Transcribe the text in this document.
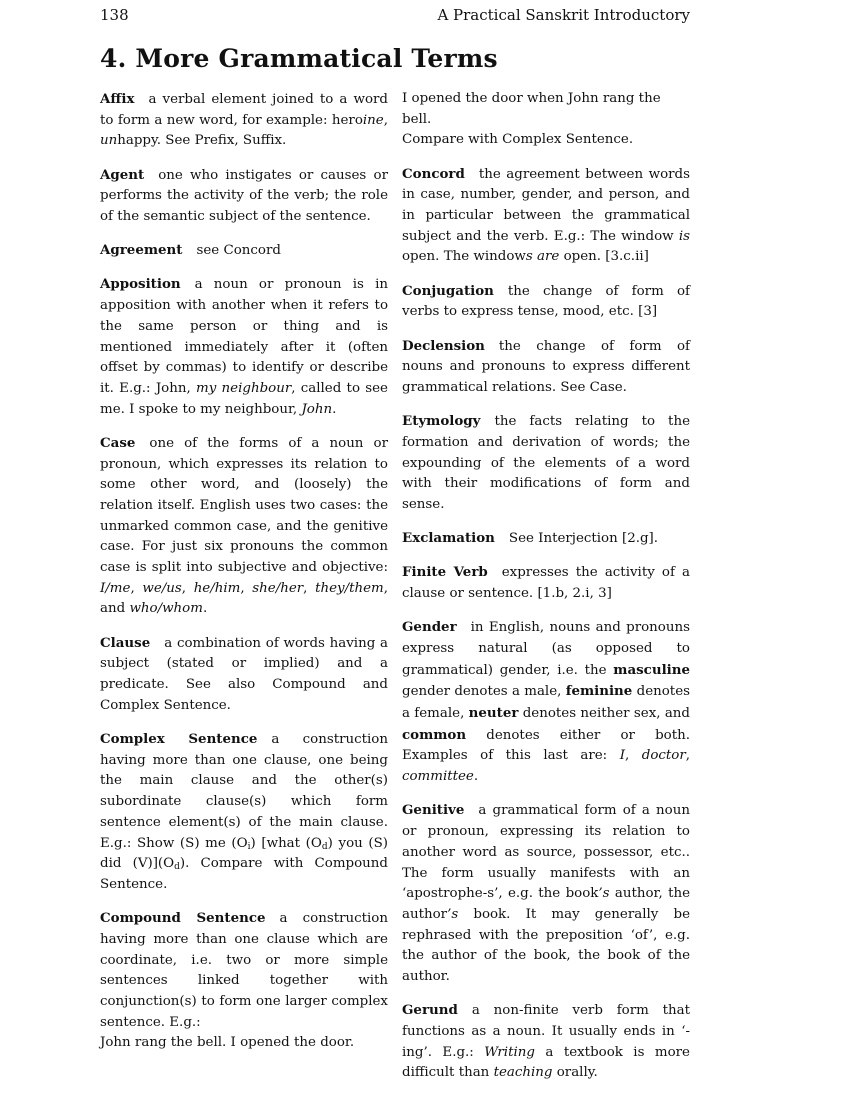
138	A Practical Sanskrit Introductory
4. More Grammatical Terms

Affix a verbal element joined to a word to form a new word, for example: heroine, unhappy. See Prefix, Suffix.

Agent one who instigates or causes or performs the activity of the verb; the role of the semantic subject of the sentence.

Agreement see Concord

Apposition a noun or pronoun is in apposition with another when it refers to the same person or thing and is mentioned immediately after it (often offset by commas) to identify or describe it. E.g.: John, my neighbour, called to see me. I spoke to my neighbour, John.

Case one of the forms of a noun or pronoun, which expresses its relation to some other word, and (loosely) the relation itself. English uses two cases: the unmarked common case, and the genitive case. For just six pronouns the common case is split into subjective and objective: I/me, we/us, he/him, she/her, they/them, and who/whom.

Clause a combination of words having a subject (stated or implied) and a predicate. See also Compound and Complex Sentence.

Complex Sentence a construction having more than one clause, one being the main clause and the other(s) subordinate clause(s) which form sentence element(s) of the main clause. E.g.: Show (S) me $(O_i)$ [what $(O_d)$ you (S) did $(V)](O_d)$. Compare with Compound Sentence.

Compound Sentence a construction having more than one clause which are coordinate, i.e. two or more simple sentences linked together with conjunction(s) to form one larger complex sentence. E.g.:

John rang the bell. I opened the door.

I opened the door when John rang the bell.

Compare with Complex Sentence.

Concord the agreement between words in case, number, gender, and person, and in particular between the grammatical subject and the verb. E.g.: The window is open. The windows are open. [3.c.ii]

Conjugation the change of form of verbs to express tense, mood, etc. [3]

Declension the change of form of nouns and pronouns to express different grammatical relations. See Case.

Etymology the facts relating to the formation and derivation of words; the expounding of the elements of a word with their modifications of form and sense.

Exclamation See Interjection [2.g].

Finite Verb expresses the activity of a clause or sentence. [1.b, 2.i, 3]

Gender in English, nouns and pronouns express natural (as opposed to grammatical) gender, i.e. the masculine gender denotes a male, feminine denotes a female, neuter denotes neither sex, and common denotes either or both. Examples of this last are: I, doctor, committee.

Genitive a grammatical form of a noun or pronoun, expressing its relation to another word as source, possessor, etc.. The form usually manifests with an ‘apostrophe-s’, e.g. the book’s author, the author’s book. It may generally be rephrased with the preposition ‘of’, e.g. the author of the book, the book of the author.

Gerund a non-finite verb form that functions as a noun. It usually ends in ‘-ing’. E.g.: Writing a textbook is more difficult than teaching orally.
